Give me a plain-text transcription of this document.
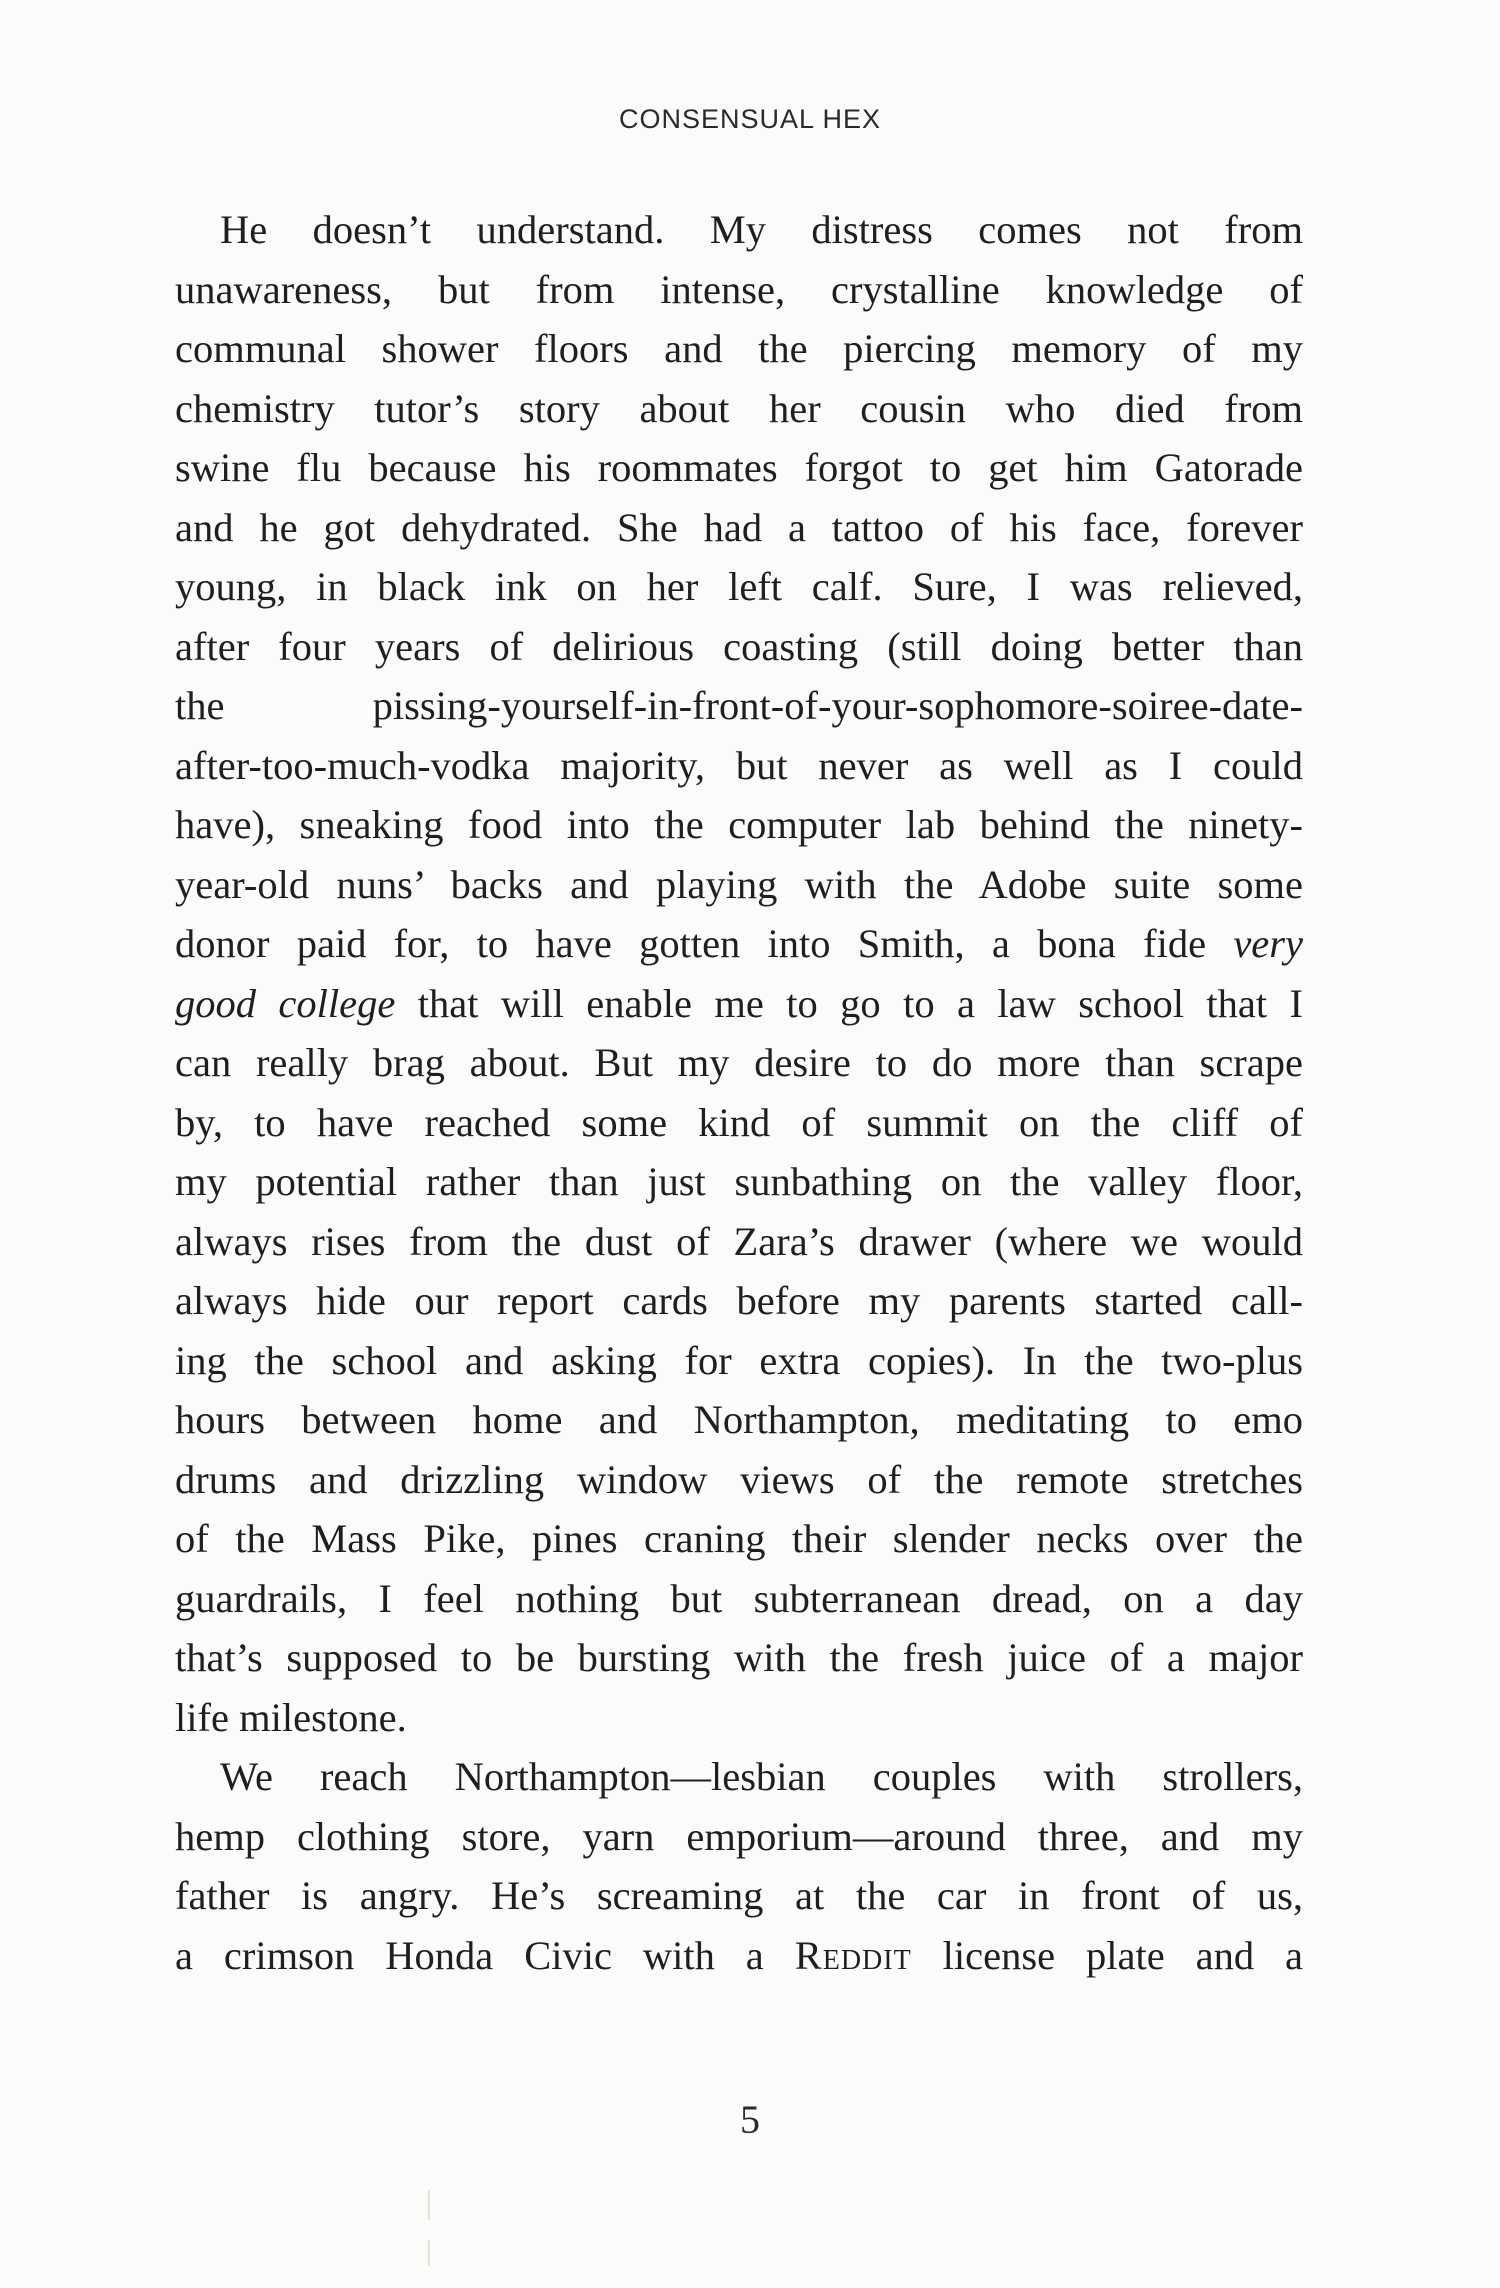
CONSENSUAL HEX
He doesn’t understand. My distress comes not from
unawareness, but from intense, crystalline knowledge of
communal shower floors and the piercing memory of my
chemistry tutor’s story about her cousin who died from
swine flu because his roommates forgot to get him Gatorade
and he got dehydrated. She had a tattoo of his face, forever
young, in black ink on her left calf. Sure, I was relieved,
after four years of delirious coasting (still doing better than
the pissing-yourself-in-front-of-your-sophomore-soiree-date-
after-too-much-vodka majority, but never as well as I could
have), sneaking food into the computer lab behind the ninety-
year-old nuns’ backs and playing with the Adobe suite some
donor paid for, to have gotten into Smith, a bona fide very
good college that will enable me to go to a law school that I
can really brag about. But my desire to do more than scrape
by, to have reached some kind of summit on the cliff of
my potential rather than just sunbathing on the valley floor,
always rises from the dust of Zara’s drawer (where we would
always hide our report cards before my parents started call-
ing the school and asking for extra copies). In the two-plus
hours between home and Northampton, meditating to emo
drums and drizzling window views of the remote stretches
of the Mass Pike, pines craning their slender necks over the
guardrails, I feel nothing but subterranean dread, on a day
that’s supposed to be bursting with the fresh juice of a major
life milestone.
We reach Northampton—lesbian couples with strollers,
hemp clothing store, yarn emporium—around three, and my
father is angry. He’s screaming at the car in front of us,
a crimson Honda Civic with a Reddit license plate and a
5
